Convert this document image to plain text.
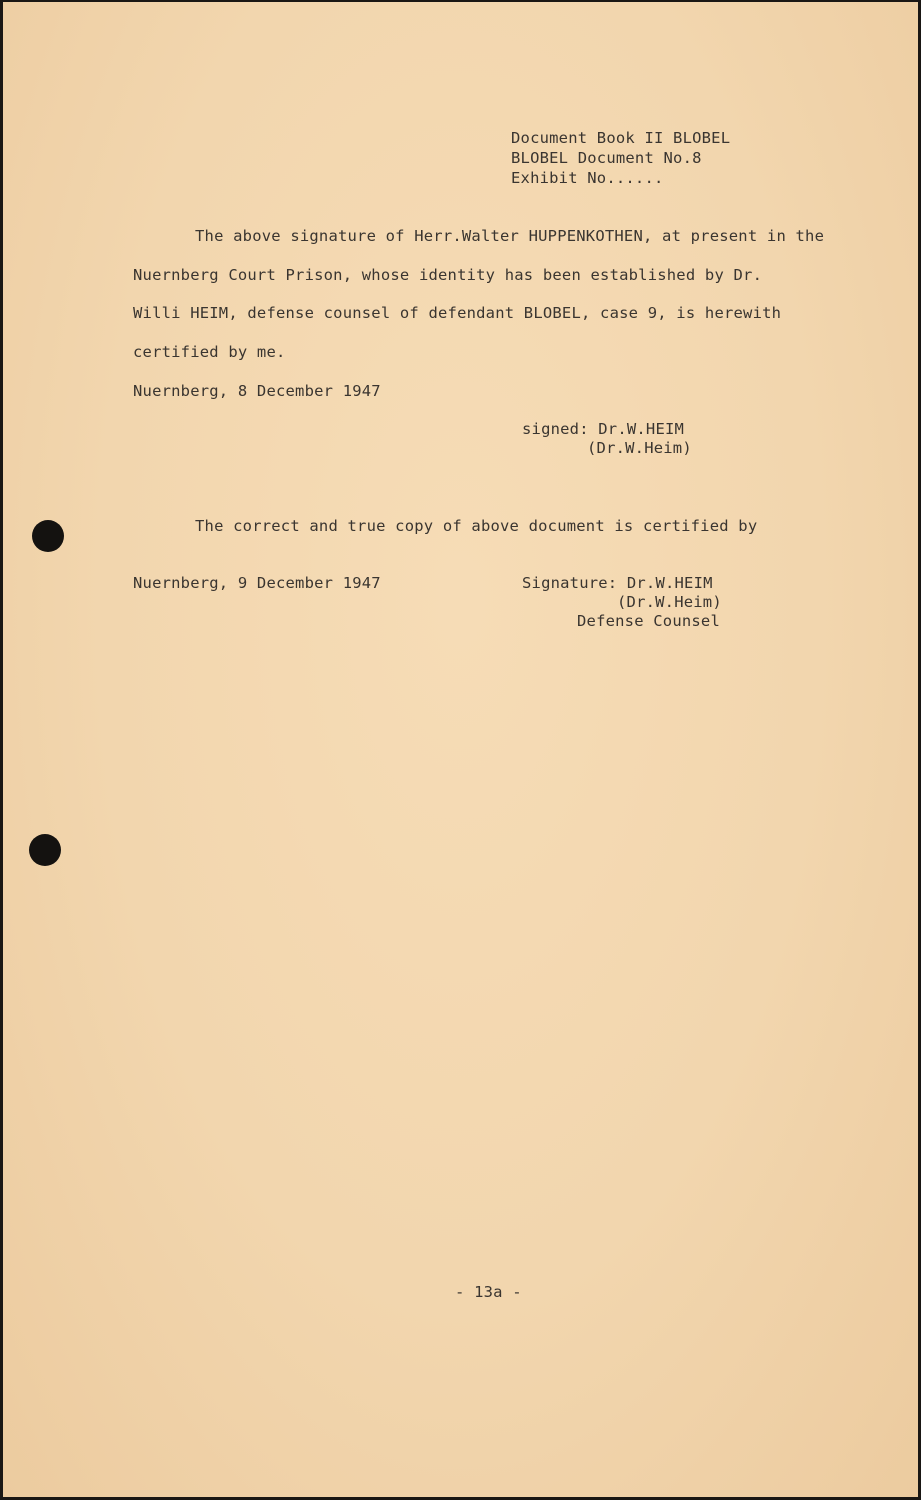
Document Book II BLOBEL
BLOBEL Document No.8
Exhibit No......
The above signature of Herr.Walter HUPPENKOTHEN, at present in the
Nuernberg Court Prison, whose identity has been established by Dr.
Willi HEIM, defense counsel of defendant BLOBEL, case 9, is herewith
certified by me.
Nuernberg, 8 December 1947
signed: Dr.W.HEIM
(Dr.W.Heim)
The correct and true copy of above document is certified by
Nuernberg, 9 December 1947	Signature: Dr.W.HEIM
(Dr.W.Heim)
Defense Counsel
- 13a -
